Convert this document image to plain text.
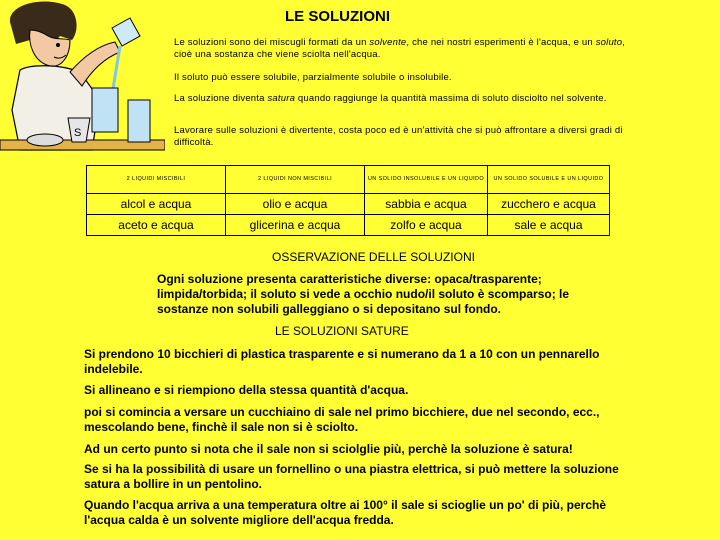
S
LE SOLUZIONI
Le soluzioni sono dei miscugli formati da un solvente, che nei nostri esperimenti è l'acqua, e un soluto, cioè una sostanza che viene sciolta nell'acqua.
Il soluto può essere solubile, parzialmente solubile o insolubile.
La soluzione diventa satura quando raggiunge la quantità massima di soluto disciolto nel solvente.
Lavorare sulle soluzioni è divertente, costa poco ed è un'attività che si può affrontare a diversi gradi di difficoltà.
2 LIQUIDI MISCIBILI	2 LIQUIDI NON MISCIBILI	UN SOLIDO INSOLUBILE E UN LIQUIDO	UN SOLIDO SOLUBILE E UN LIQUIDO
alcol e acqua	olio e acqua	sabbia e acqua	zucchero e acqua
aceto e acqua	glicerina e acqua	zolfo e acqua	sale e acqua
OSSERVAZIONE DELLE SOLUZIONI
Ogni soluzione presenta caratteristiche diverse: opaca/trasparente; limpida/torbida; il soluto si vede a occhio nudo/il soluto è scomparso; le sostanze non solubili galleggiano o si depositano sul fondo.
LE SOLUZIONI SATURE
Si prendono 10 bicchieri di plastica trasparente e si numerano da 1 a 10 con un pennarello indelebile.
Si allineano e si riempiono della stessa quantità d'acqua.
poi si comincia a versare un cucchiaino di sale nel primo bicchiere, due nel secondo, ecc., mescolando bene, finchè il sale non si è sciolto.
Ad un certo punto si nota che il sale non si sciolglie più, perchè la soluzione è satura!
Se si ha la possibilità di usare un fornellino o una piastra elettrica, si può mettere la soluzione satura a bollire in un pentolino.
Quando l'acqua arriva a una temperatura oltre ai 100° il sale si scioglie un po' di più, perchè l'acqua calda è un solvente migliore dell'acqua fredda.
